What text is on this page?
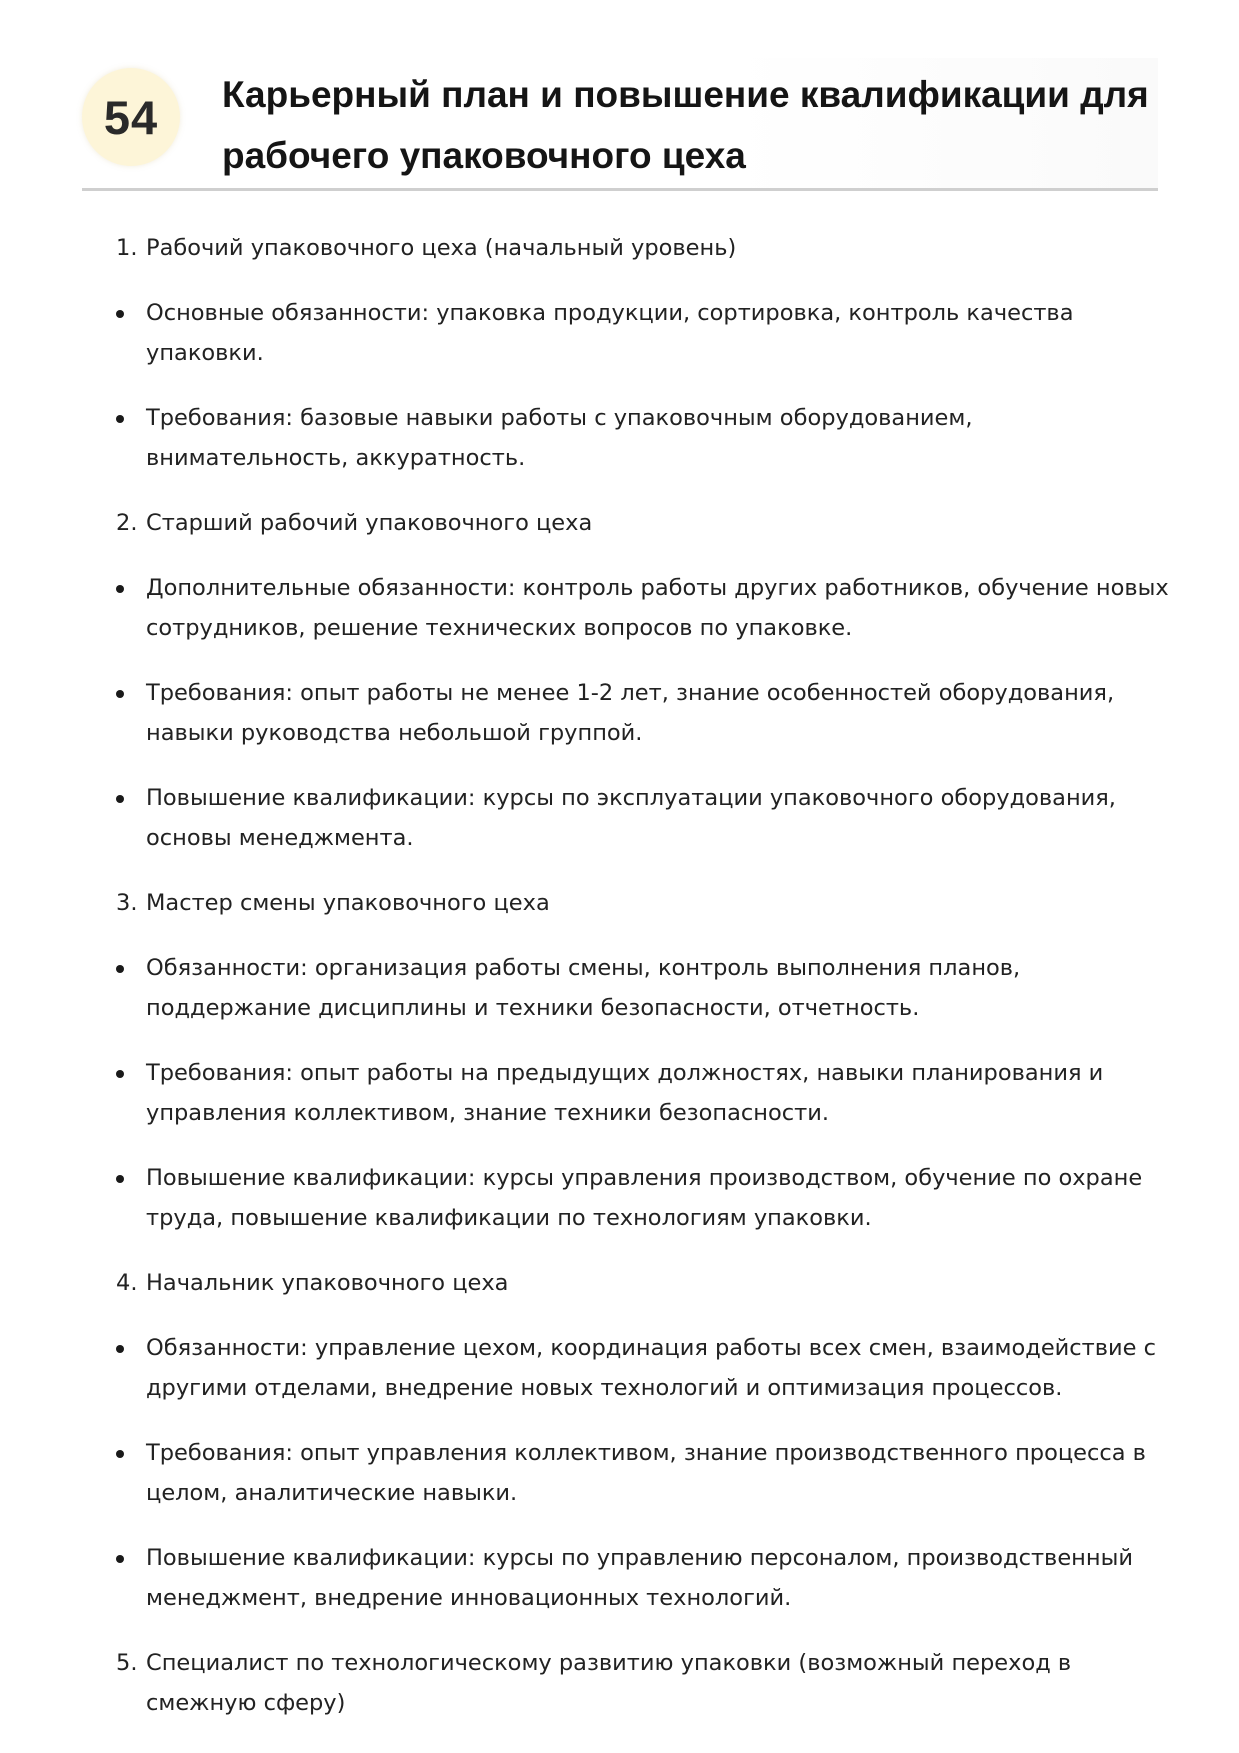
54 Карьерный план и повышение квалификации для рабочего упаковочного цеха
1. Рабочий упаковочного цеха (начальный уровень)
Основные обязанности: упаковка продукции, сортировка, контроль качества упаковки.
Требования: базовые навыки работы с упаковочным оборудованием, внимательность, аккуратность.
2. Старший рабочий упаковочного цеха
Дополнительные обязанности: контроль работы других работников, обучение новых сотрудников, решение технических вопросов по упаковке.
Требования: опыт работы не менее 1-2 лет, знание особенностей оборудования, навыки руководства небольшой группой.
Повышение квалификации: курсы по эксплуатации упаковочного оборудования, основы менеджмента.
3. Мастер смены упаковочного цеха
Обязанности: организация работы смены, контроль выполнения планов, поддержание дисциплины и техники безопасности, отчетность.
Требования: опыт работы на предыдущих должностях, навыки планирования и управления коллективом, знание техники безопасности.
Повышение квалификации: курсы управления производством, обучение по охране труда, повышение квалификации по технологиям упаковки.
4. Начальник упаковочного цеха
Обязанности: управление цехом, координация работы всех смен, взаимодействие с другими отделами, внедрение новых технологий и оптимизация процессов.
Требования: опыт управления коллективом, знание производственного процесса в целом, аналитические навыки.
Повышение квалификации: курсы по управлению персоналом, производственный менеджмент, внедрение инновационных технологий.
5. Специалист по технологическому развитию упаковки (возможный переход в смежную сферу)
